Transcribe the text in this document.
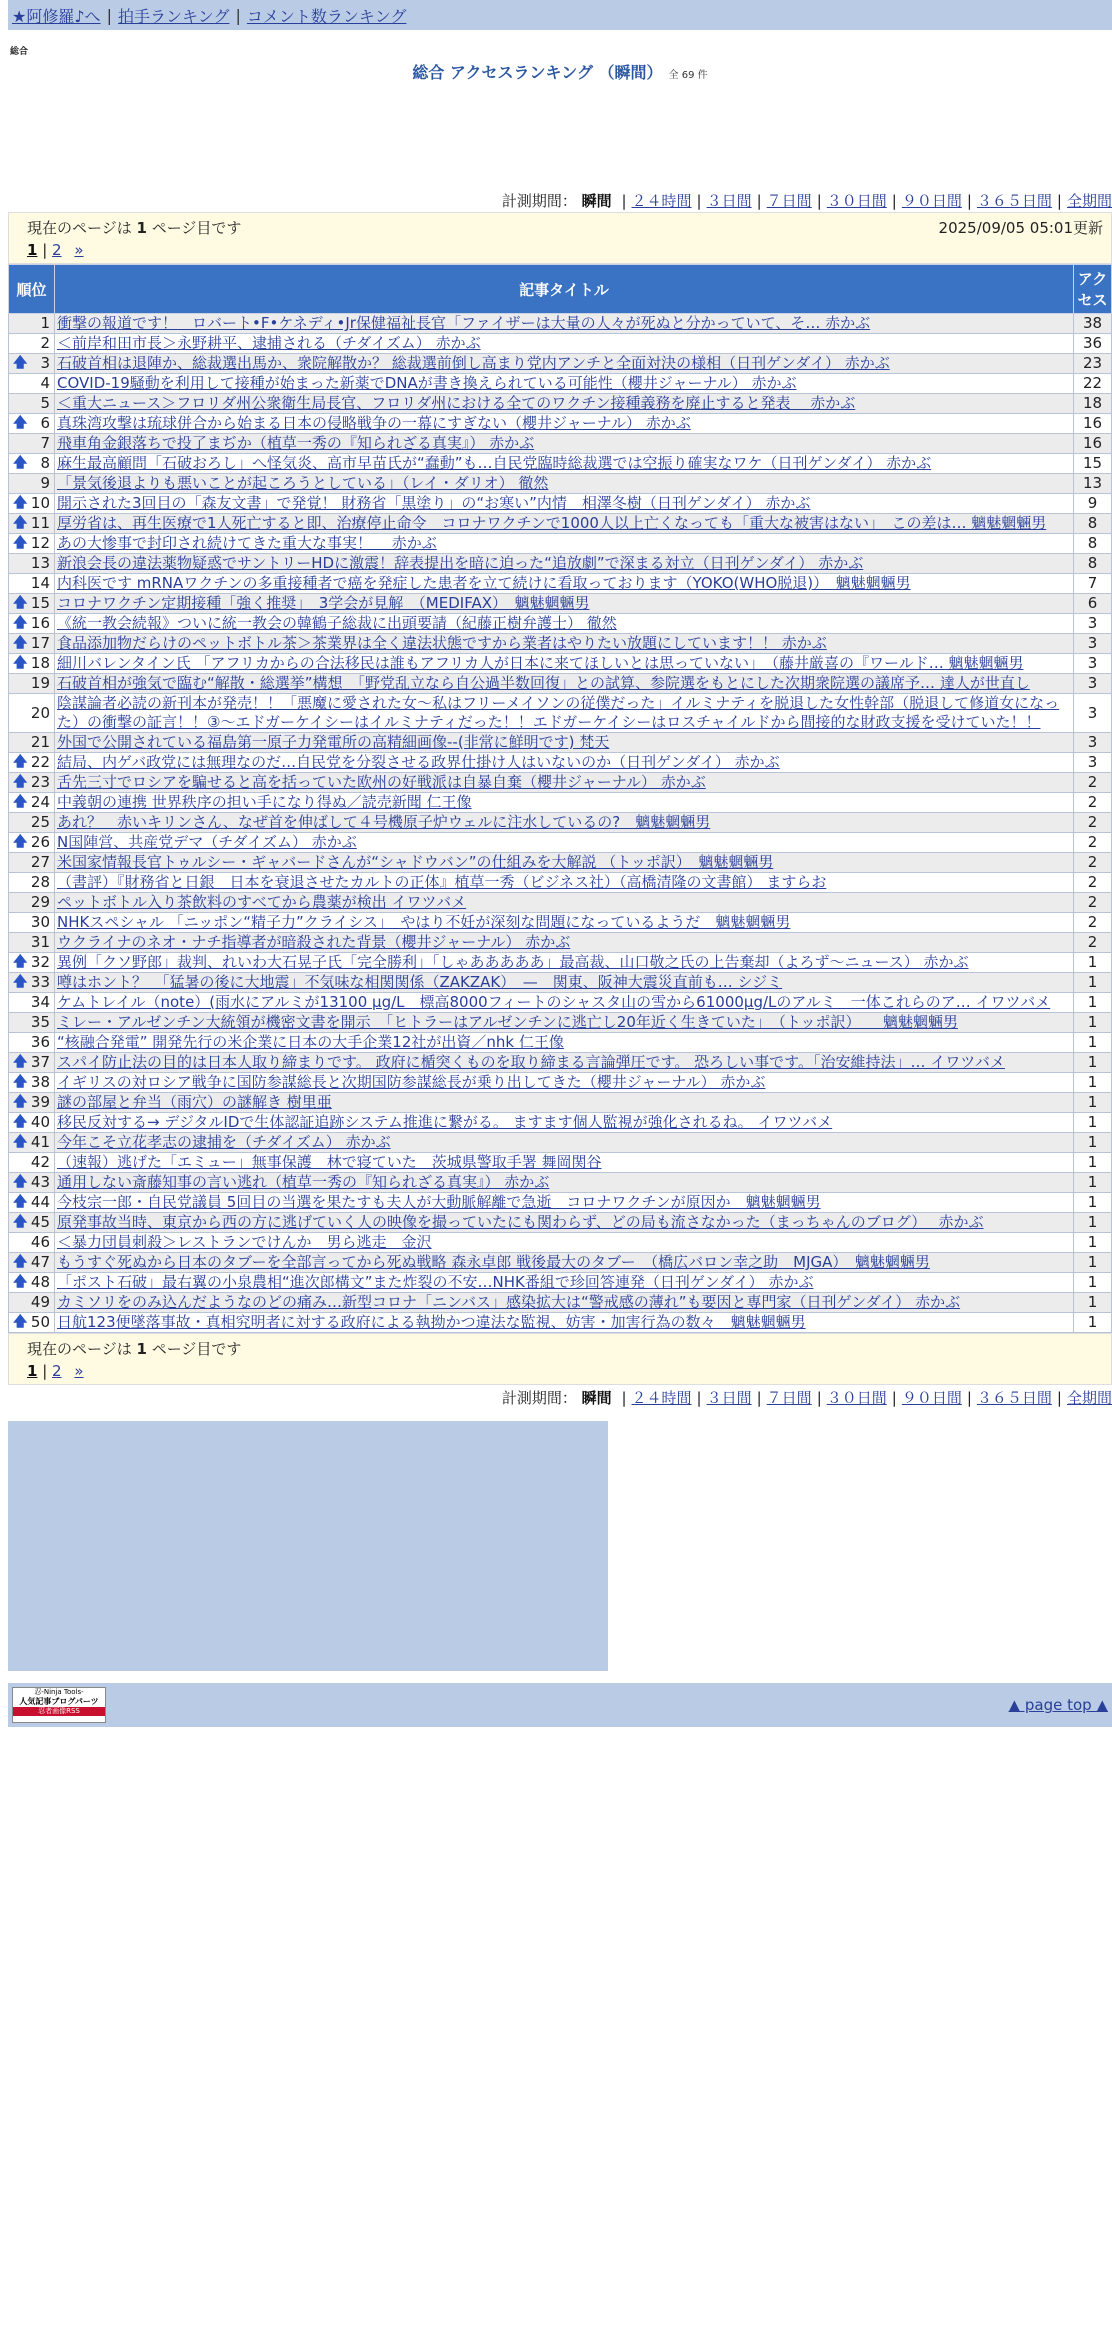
★阿修羅♪へ | 拍手ランキング | コメント数ランキング
総合
総合 アクセスランキング （瞬間） 全 69 件
計測期間： 瞬間 | ２４時間 | ３日間 | ７日間 | ３０日間 | ９０日間 | ３６５日間 | 全期間
現在のページは 1 ページ目です	2025/09/05 05:01更新
1 | 2 »
順位	記事タイトル	アクセス
1	衝撃の報道です！　ロバート•F•ケネディ•Jr保健福祉長官「ファイザーは大量の人々が死ぬと分かっていて、そ… 赤かぶ	38
2	＜前岸和田市長＞永野耕平、逮捕される（チダイズム） 赤かぶ	36

🡅 3	石破首相は退陣か、総裁選出馬か、衆院解散か？ 総裁選前倒し高まり党内アンチと全面対決の様相（日刊ゲンダイ） 赤かぶ	23
4	COVID-19騒動を利用して接種が始まった新薬でDNAが書き換えられている可能性（櫻井ジャーナル） 赤かぶ	22
5	＜重大ニュース＞フロリダ州公衆衛生局長官、フロリダ州における全てのワクチン接種義務を廃止すると発表　 赤かぶ	18

🡅 6	真珠湾攻撃は琉球併合から始まる日本の侵略戦争の一幕にすぎない（櫻井ジャーナル） 赤かぶ	16
7	飛車角金銀落ちで投了まぢか（植草一秀の『知られざる真実』） 赤かぶ	16

🡅 8	麻生最高顧問「石破おろし」へ怪気炎、高市早苗氏が“蠢動”も…自民党臨時総裁選では空振り確実なワケ（日刊ゲンダイ） 赤かぶ	15
9	「景気後退よりも悪いことが起ころうとしている」（レイ・ダリオ） 徹然	13

🡅 10	開示された3回目の「森友文書」で発覚！ 財務省「黒塗り」の“お寒い”内情　相澤冬樹（日刊ゲンダイ） 赤かぶ	9

🡅 11	厚労省は、再生医療で1人死亡すると即、治療停止命令　コロナワクチンで1000人以上亡くなっても「重大な被害はない」　この差は… 魑魅魍魎男	8

🡅 12	あの大惨事で封印され続けてきた重大な事実！　 赤かぶ	8
13	新浪会長の違法薬物疑惑でサントリーHDに激震！辞表提出を暗に迫った“追放劇”で深まる対立（日刊ゲンダイ） 赤かぶ	8
14	内科医です mRNAワクチンの多重接種者で癌を発症した患者を立て続けに看取っております（YOKO(WHO脱退)）　魑魅魍魎男	7

🡅 15	コロナワクチン定期接種「強く推奨」　3学会が見解　（MEDIFAX）　魑魅魍魎男	6

🡅 16	《統一教会続報》ついに統一教会の韓鶴子総裁に出頭要請（紀藤正樹弁護士） 徹然	3

🡅 17	食品添加物だらけのペットボトル茶＞茶業界は全く違法状態ですから業者はやりたい放題にしています！！ 赤かぶ	3

🡅 18	細川バレンタイン氏 「アフリカからの合法移民は誰もアフリカ人が日本に来てほしいとは思っていない」　（藤井厳喜の『ワールド… 魑魅魍魎男	3
19	石破首相が強気で臨む“解散・総選挙”構想　「野党乱立なら自公過半数回復」との試算、参院選をもとにした次期衆院選の議席予… 達人が世直し	3
20	陰謀論者必読の新刊本が発売！！「悪魔に愛された女〜私はフリーメイソンの従僕だった」イルミナティを脱退した女性幹部（脱退して修道女になった）の衝撃の証言！！③〜エドガーケイシーはイルミナティだった！！エドガーケイシーはロスチャイルドから間接的な財政支援を受けていた！！	3
21	外国で公開されている福島第一原子力発電所の高精細画像--(非常に鮮明です) 梵天	3

🡅 22	結局、内ゲバ政党には無理なのだ…自民党を分裂させる政界仕掛け人はいないのか（日刊ゲンダイ） 赤かぶ	3

🡅 23	舌先三寸でロシアを騙せると高を括っていた欧州の好戦派は自暴自棄（櫻井ジャーナル） 赤かぶ	2

🡅 24	中義朝の連携 世界秩序の担い手になり得ぬ／読売新聞 仁王像	2
25	あれ？　赤いキリンさん、なぜ首を伸ばして４号機原子炉ウェルに注水しているの?　魑魅魍魎男	2

🡅 26	N国陣営、共産党デマ（チダイズム） 赤かぶ	2
27	米国家情報長官トゥルシー・ギャバードさんが“シャドウバン”の仕組みを大解説 （トッポ訳）　魑魅魍魎男	2
28	（書評）『財務省と日銀　日本を衰退させたカルトの正体』植草一秀（ビジネス社）（高橋清隆の文書館） ますらお	2
29	ペットボトル入り茶飲料のすべてから農薬が検出 イワツバメ	2
30	NHKスペシャル 「ニッポン“精子力”クライシス」　やはり不妊が深刻な問題になっているようだ　魑魅魍魎男	2
31	ウクライナのネオ・ナチ指導者が暗殺された背景（櫻井ジャーナル） 赤かぶ	2

🡅 32	異例「クソ野郎」裁判、れいわ大石晃子氏「完全勝利」「しゃあああああ」最高裁、山口敬之氏の上告棄却（よろず〜ニュース） 赤かぶ	1

🡅 33	噂はホント？　「猛暑の後に大地震」不気味な相関関係（ZAKZAK）　—　関東、阪神大震災直前も… シジミ	1
34	ケムトレイル（note）(雨水にアルミが13100 µg/L　標高8000フィートのシャスタ山の雪から61000µg/Lのアルミ　一体これらのア… イワツバメ	1
35	ミレー・アルゼンチン大統領が機密文書を開示　「ヒトラーはアルゼンチンに逃亡し20年近く生きていた」　（トッポ訳）　　魑魅魍魎男	1
36	“核融合発電” 開発先行の米企業に日本の大手企業12社が出資／nhk 仁王像	1

🡅 37	スパイ防止法の目的は日本人取り締まりです。 政府に楯突くものを取り締まる言論弾圧です。 恐ろしい事です。「治安維持法」… イワツバメ	1

🡅 38	イギリスの対ロシア戦争に国防参謀総長と次期国防参謀総長が乗り出してきた（櫻井ジャーナル） 赤かぶ	1

🡅 39	謎の部屋と弁当（雨穴）の謎解き 樹里亜	1

🡅 40	移民反対する→ デジタルIDで生体認証追跡システム推進に繋がる。 ますます個人監視が強化されるね。 イワツバメ	1

🡅 41	今年こそ立花孝志の逮捕を（チダイズム） 赤かぶ	1
42	（速報）逃げた「エミュー」無事保護　林で寝ていた　茨城県警取手署 舞岡関谷	1

🡅 43	通用しない斎藤知事の言い逃れ（植草一秀の『知られざる真実』） 赤かぶ	1

🡅 44	今枝宗一郎・自民党議員 5回目の当選を果たすも夫人が大動脈解離で急逝　コロナワクチンが原因か　魑魅魍魎男	1

🡅 45	原発事故当時、東京から西の方に逃げていく人の映像を撮っていたにも関わらず、どの局も流さなかった（まっちゃんのブログ）　 赤かぶ	1
46	＜暴力団員刺殺＞レストランでけんか　男ら逃走　金沢	1

🡅 47	もうすぐ死ぬから日本のタブーを全部言ってから死ぬ戦略 森永卓郎 戦後最大のタブー　（橋広バロン幸之助　MJGA）　魑魅魍魎男	1

🡅 48	「ポスト石破」最右翼の小泉農相“進次郎構文”また炸裂の不安…NHK番組で珍回答連発（日刊ゲンダイ） 赤かぶ	1
49	カミソリをのみ込んだようなのどの痛み…新型コロナ「ニンバス」感染拡大は“警戒感の薄れ”も要因と専門家（日刊ゲンダイ） 赤かぶ	1

🡅 50	日航123便墜落事故・真相究明者に対する政府による執拗かつ違法な監視、妨害・加害行為の数々　魑魅魍魎男	1
現在のページは 1 ページ目です
1 | 2 »
計測期間： 瞬間 | ２４時間 | ３日間 | ７日間 | ３０日間 | ９０日間 | ３６５日間 | 全期間
忍-Ninja Tools-
人気記事ブログパーツ
忍者画像RSS	▲ page top ▲
